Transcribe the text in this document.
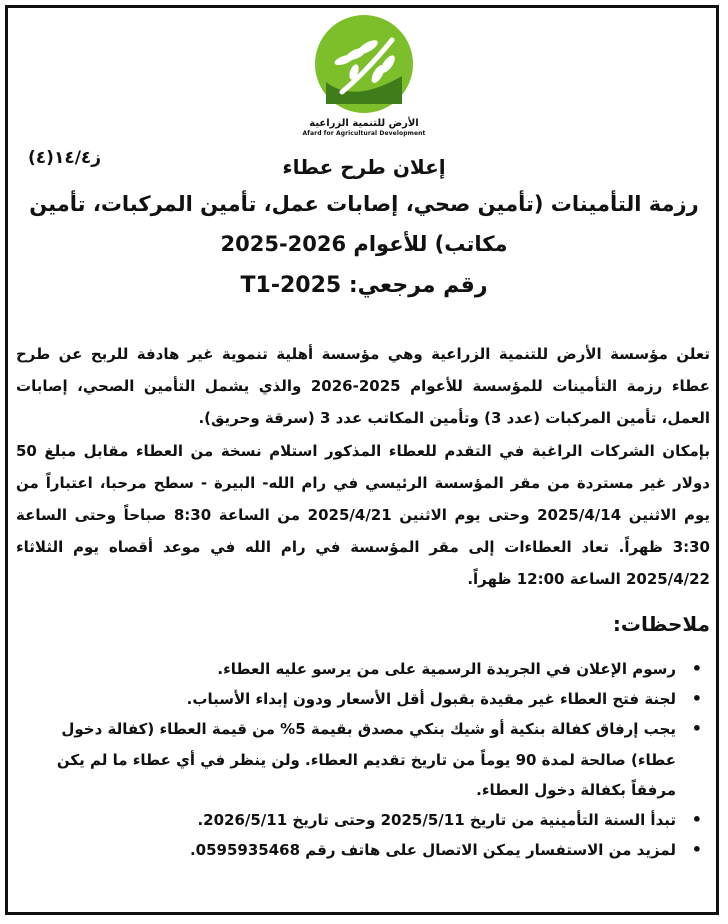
الأرض للتنمية الزراعية
Afard for Agricultural Development
ز١٤/٤(٤)	إعلان طرح عطاء
رزمة التأمينات (تأمين صحي، إصابات عمل، تأمين المركبات، تأمين مكاتب) للأعوام 2026-2025
رقم مرجعي: 2025-T1

تعلن مؤسسة الأرض للتنمية الزراعية وهي مؤسسة أهلية تنموية غير هادفة للربح عن طرح عطاء رزمة التأمينات للمؤسسة للأعوام 2025-2026 والذي يشمل التأمين الصحي، إصابات العمل، تأمين المركبات (عدد 3) وتأمين المكاتب عدد 3 (سرقة وحريق).

بإمكان الشركات الراغبة في التقدم للعطاء المذكور استلام نسخة من العطاء مقابل مبلغ 50 دولار غير مستردة من مقر المؤسسة الرئيسي في رام الله- البيرة - سطح مرحبا، اعتباراً من يوم الاثنين 2025/4/14 وحتى يوم الاثنين 2025/4/21 من الساعة 8:30 صباحاً وحتى الساعة 3:30 ظهراً. تعاد العطاءات إلى مقر المؤسسة في رام الله في موعد أقصاه يوم الثلاثاء 2025/4/22 الساعة 12:00 ظهراً.

ملاحظات:
•
رسوم الإعلان في الجريدة الرسمية على من يرسو عليه العطاء.
•
لجنة فتح العطاء غير مقيدة بقبول أقل الأسعار ودون إبداء الأسباب.
•
يجب إرفاق كفالة بنكية أو شيك بنكي مصدق بقيمة 5% من قيمة العطاء (كفالة دخول عطاء) صالحة لمدة 90 يوماً من تاريخ تقديم العطاء. ولن ينظر في أي عطاء ما لم يكن مرفقاً بكفالة دخول العطاء.
•
تبدأ السنة التأمينية من تاريخ 2025/5/11 وحتى تاريخ 2026/5/11.
•
لمزيد من الاستفسار يمكن الاتصال على هاتف رقم 0595935468.
